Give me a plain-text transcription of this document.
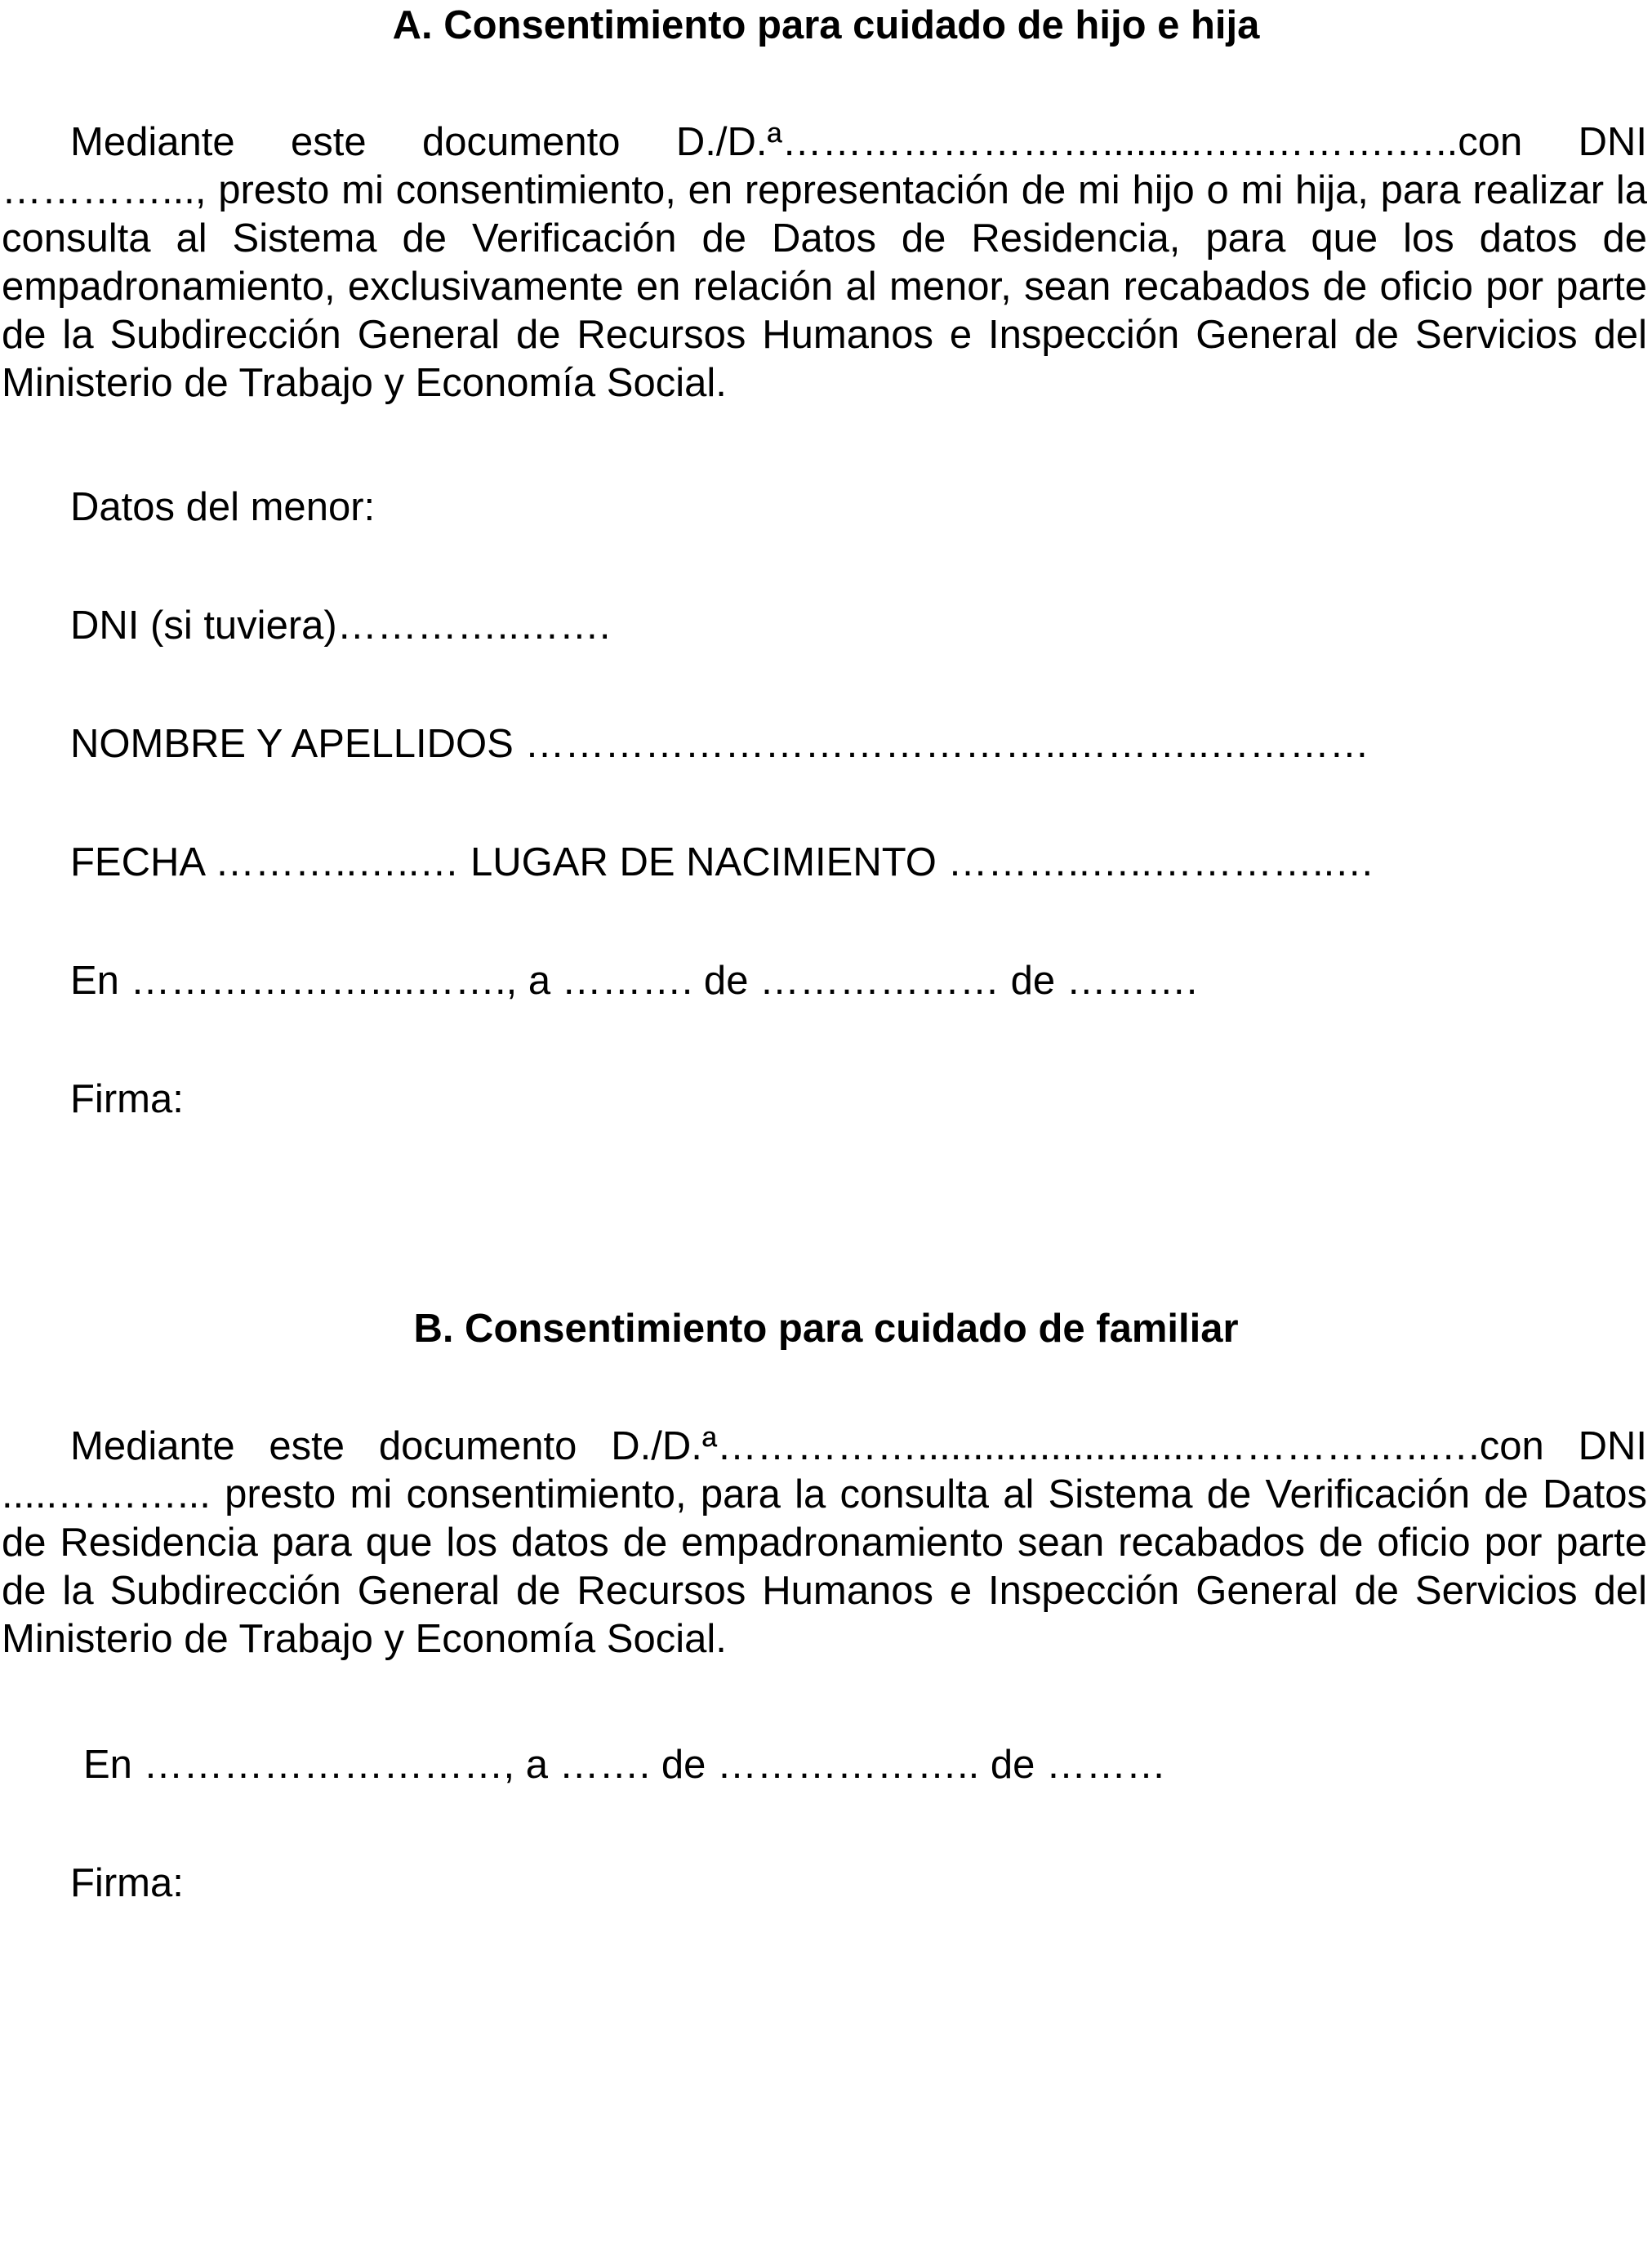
A. Consentimiento para cuidado de hijo e hija
Mediante este documento D./D.ª…………………….........…..……….…..con DNI …………..., presto mi consentimiento, en representación de mi hijo o mi hija, para realizar la consulta al Sistema de Verificación de Datos de Residencia, para que los datos de empadronamiento, exclusivamente en relación al menor, sean recabados de oficio por parte de la Subdirección General de Recursos Humanos e Inspección General de Servicios del Ministerio de Trabajo y Economía Social.
Datos del menor:
DNI (si tuviera)…………..…….
NOMBRE Y APELLIDOS …………………………………..………..…………
FECHA ………..…..… LUGAR DE NACIMIENTO ………..…..…………..…
En ………………....……., a ………. de ……………… de ……….
Firma:
B. Consentimiento para cuidado de familiar
Mediante este documento D./D.ª……………..........................……………..….con DNI .....………... presto mi consentimiento, para la consulta al Sistema de Verificación de Datos de Residencia para que los datos de empadronamiento sean recabados de oficio por parte de la Subdirección General de Recursos Humanos e Inspección General de Servicios del Ministerio de Trabajo y Economía Social.
En ………………………, a ……. de ……………….. de ………
Firma:
